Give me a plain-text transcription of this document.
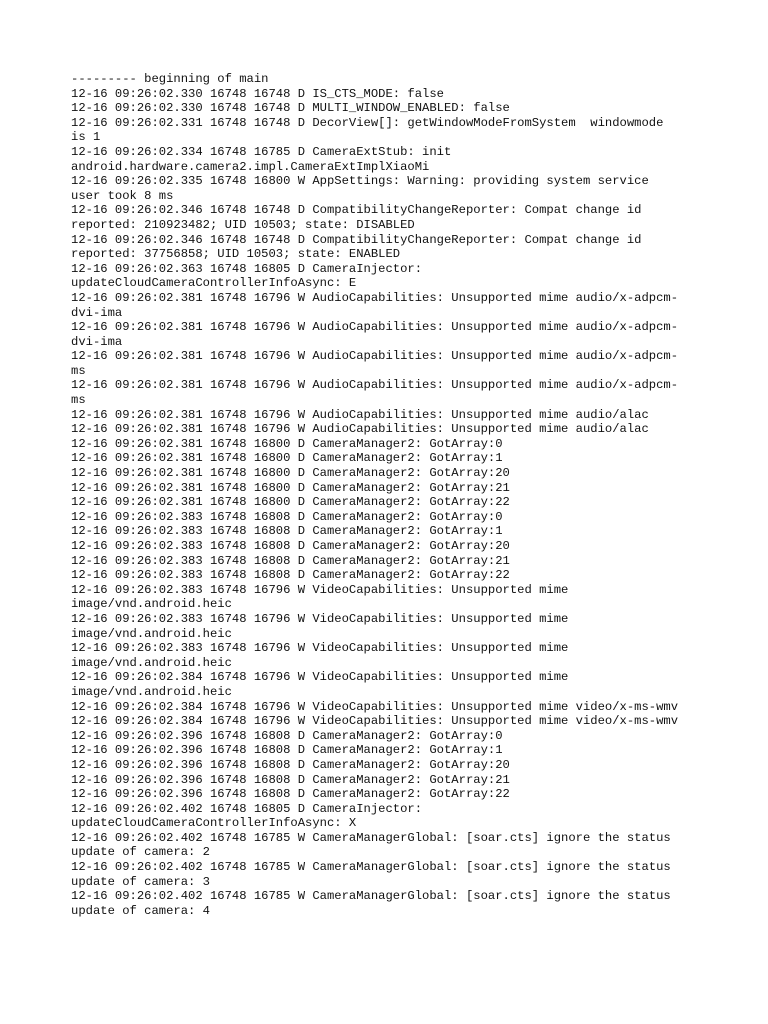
--------- beginning of main
12-16 09:26:02.330 16748 16748 D IS_CTS_MODE: false
12-16 09:26:02.330 16748 16748 D MULTI_WINDOW_ENABLED: false
12-16 09:26:02.331 16748 16748 D DecorView[]: getWindowModeFromSystem  windowmode
is 1
12-16 09:26:02.334 16748 16785 D CameraExtStub: init
android.hardware.camera2.impl.CameraExtImplXiaoMi
12-16 09:26:02.335 16748 16800 W AppSettings: Warning: providing system service
user took 8 ms
12-16 09:26:02.346 16748 16748 D CompatibilityChangeReporter: Compat change id
reported: 210923482; UID 10503; state: DISABLED
12-16 09:26:02.346 16748 16748 D CompatibilityChangeReporter: Compat change id
reported: 37756858; UID 10503; state: ENABLED
12-16 09:26:02.363 16748 16805 D CameraInjector:
updateCloudCameraControllerInfoAsync: E
12-16 09:26:02.381 16748 16796 W AudioCapabilities: Unsupported mime audio/x-adpcm-
dvi-ima
12-16 09:26:02.381 16748 16796 W AudioCapabilities: Unsupported mime audio/x-adpcm-
dvi-ima
12-16 09:26:02.381 16748 16796 W AudioCapabilities: Unsupported mime audio/x-adpcm-
ms
12-16 09:26:02.381 16748 16796 W AudioCapabilities: Unsupported mime audio/x-adpcm-
ms
12-16 09:26:02.381 16748 16796 W AudioCapabilities: Unsupported mime audio/alac
12-16 09:26:02.381 16748 16796 W AudioCapabilities: Unsupported mime audio/alac
12-16 09:26:02.381 16748 16800 D CameraManager2: GotArray:0
12-16 09:26:02.381 16748 16800 D CameraManager2: GotArray:1
12-16 09:26:02.381 16748 16800 D CameraManager2: GotArray:20
12-16 09:26:02.381 16748 16800 D CameraManager2: GotArray:21
12-16 09:26:02.381 16748 16800 D CameraManager2: GotArray:22
12-16 09:26:02.383 16748 16808 D CameraManager2: GotArray:0
12-16 09:26:02.383 16748 16808 D CameraManager2: GotArray:1
12-16 09:26:02.383 16748 16808 D CameraManager2: GotArray:20
12-16 09:26:02.383 16748 16808 D CameraManager2: GotArray:21
12-16 09:26:02.383 16748 16808 D CameraManager2: GotArray:22
12-16 09:26:02.383 16748 16796 W VideoCapabilities: Unsupported mime
image/vnd.android.heic
12-16 09:26:02.383 16748 16796 W VideoCapabilities: Unsupported mime
image/vnd.android.heic
12-16 09:26:02.383 16748 16796 W VideoCapabilities: Unsupported mime
image/vnd.android.heic
12-16 09:26:02.384 16748 16796 W VideoCapabilities: Unsupported mime
image/vnd.android.heic
12-16 09:26:02.384 16748 16796 W VideoCapabilities: Unsupported mime video/x-ms-wmv
12-16 09:26:02.384 16748 16796 W VideoCapabilities: Unsupported mime video/x-ms-wmv
12-16 09:26:02.396 16748 16808 D CameraManager2: GotArray:0
12-16 09:26:02.396 16748 16808 D CameraManager2: GotArray:1
12-16 09:26:02.396 16748 16808 D CameraManager2: GotArray:20
12-16 09:26:02.396 16748 16808 D CameraManager2: GotArray:21
12-16 09:26:02.396 16748 16808 D CameraManager2: GotArray:22
12-16 09:26:02.402 16748 16805 D CameraInjector:
updateCloudCameraControllerInfoAsync: X
12-16 09:26:02.402 16748 16785 W CameraManagerGlobal: [soar.cts] ignore the status
update of camera: 2
12-16 09:26:02.402 16748 16785 W CameraManagerGlobal: [soar.cts] ignore the status
update of camera: 3
12-16 09:26:02.402 16748 16785 W CameraManagerGlobal: [soar.cts] ignore the status
update of camera: 4
